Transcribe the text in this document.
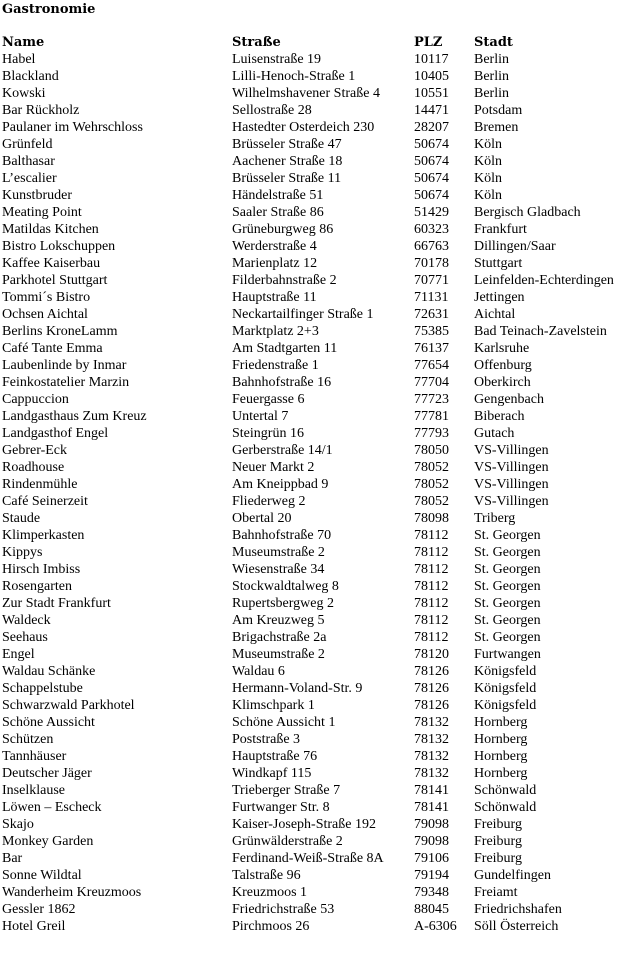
Gastronomie
Name	Straße	PLZ	Stadt
Habel	Luisenstraße 19	10117	Berlin
Blackland	Lilli-Henoch-Straße 1	10405	Berlin
Kowski	Wilhelmshavener Straße 4	10551	Berlin
Bar Rückholz	Sellostraße 28	14471	Potsdam
Paulaner im Wehrschloss	Hastedter Osterdeich 230	28207	Bremen
Grünfeld	Brüsseler Straße 47	50674	Köln
Balthasar	Aachener Straße 18	50674	Köln
L’escalier	Brüsseler Straße 11	50674	Köln
Kunstbruder	Händelstraße 51	50674	Köln
Meating Point	Saaler Straße 86	51429	Bergisch Gladbach
Matildas Kitchen	Grüneburgweg 86	60323	Frankfurt
Bistro Lokschuppen	Werderstraße 4	66763	Dillingen/Saar
Kaffee Kaiserbau	Marienplatz 12	70178	Stuttgart
Parkhotel Stuttgart	Filderbahnstraße 2	70771	Leinfelden-Echterdingen
Tommi´s Bistro	Hauptstraße 11	71131	Jettingen
Ochsen Aichtal	Neckartailfinger Straße 1	72631	Aichtal
Berlins KroneLamm	Marktplatz 2+3	75385	Bad Teinach-Zavelstein
Café Tante Emma	Am Stadtgarten 11	76137	Karlsruhe
Laubenlinde by Inmar	Friedenstraße 1	77654	Offenburg
Feinkostatelier Marzin	Bahnhofstraße 16	77704	Oberkirch
Cappuccion	Feuergasse 6	77723	Gengenbach
Landgasthaus Zum Kreuz	Untertal 7	77781	Biberach
Landgasthof Engel	Steingrün 16	77793	Gutach
Gebrer-Eck	Gerberstraße 14/1	78050	VS-Villingen
Roadhouse	Neuer Markt 2	78052	VS-Villingen
Rindenmühle	Am Kneippbad 9	78052	VS-Villingen
Café Seinerzeit	Fliederweg 2	78052	VS-Villingen
Staude	Obertal 20	78098	Triberg
Klimperkasten	Bahnhofstraße 70	78112	St. Georgen
Kippys	Museumstraße 2	78112	St. Georgen
Hirsch Imbiss	Wiesenstraße 34	78112	St. Georgen
Rosengarten	Stockwaldtalweg 8	78112	St. Georgen
Zur Stadt Frankfurt	Rupertsbergweg 2	78112	St. Georgen
Waldeck	Am Kreuzweg 5	78112	St. Georgen
Seehaus	Brigachstraße 2a	78112	St. Georgen
Engel	Museumstraße 2	78120	Furtwangen
Waldau Schänke	Waldau 6	78126	Königsfeld
Schappelstube	Hermann-Voland-Str. 9	78126	Königsfeld
Schwarzwald Parkhotel	Klimschpark 1	78126	Königsfeld
Schöne Aussicht	Schöne Aussicht 1	78132	Hornberg
Schützen	Poststraße 3	78132	Hornberg
Tannhäuser	Hauptstraße 76	78132	Hornberg
Deutscher Jäger	Windkapf 115	78132	Hornberg
Inselklause	Trieberger Straße 7	78141	Schönwald
Löwen – Escheck	Furtwanger Str. 8	78141	Schönwald
Skajo	Kaiser-Joseph-Straße 192	79098	Freiburg
Monkey Garden	Grünwälderstraße 2	79098	Freiburg
Bar	Ferdinand-Weiß-Straße 8A	79106	Freiburg
Sonne Wildtal	Talstraße 96	79194	Gundelfingen
Wanderheim Kreuzmoos	Kreuzmoos 1	79348	Freiamt
Gessler 1862	Friedrichstraße 53	88045	Friedrichshafen
Hotel Greil	Pirchmoos 26	A-6306	Söll Österreich
